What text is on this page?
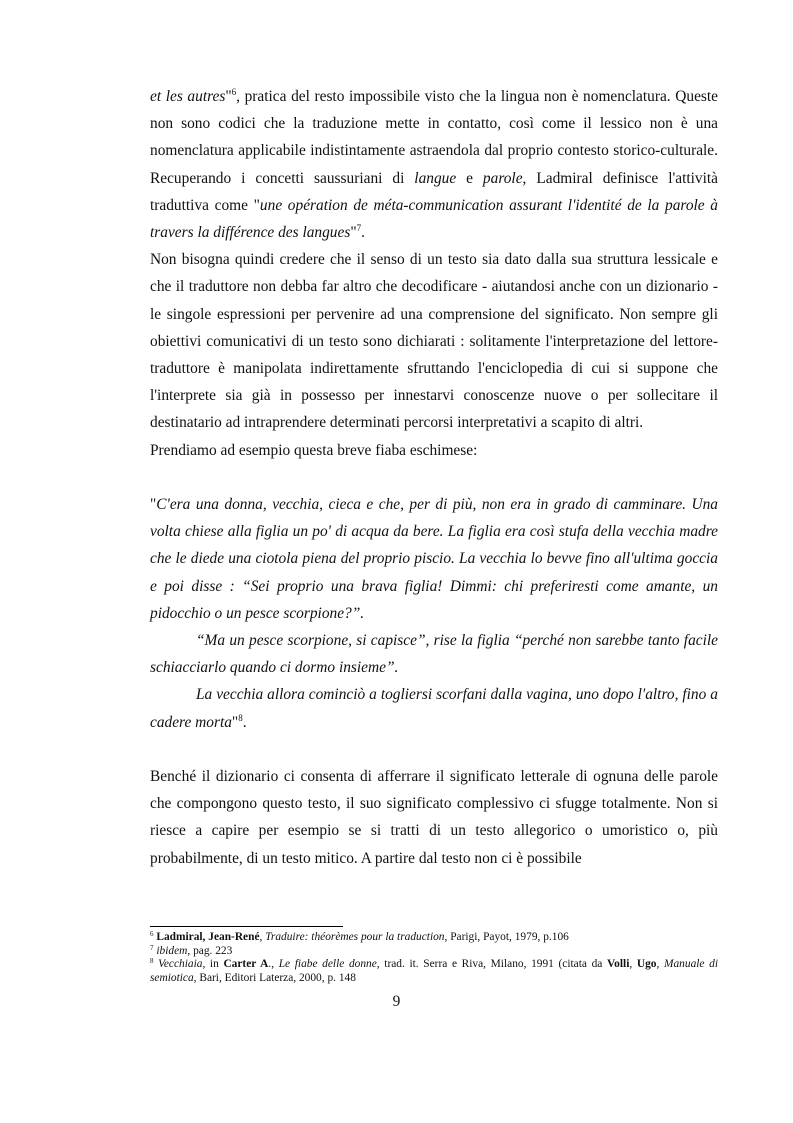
et les autres"$^6$, pratica del resto impossibile visto che la lingua non è nomenclatura. Queste non sono codici che la traduzione mette in contatto, così come il lessico non è una nomenclatura applicabile indistintamente astraendola dal proprio contesto storico-culturale. Recuperando i concetti saussuriani di langue e parole, Ladmiral definisce l'attività traduttiva come "une opération de méta-communication assurant l'identité de la parole à travers la différence des langues"$^7$.

Non bisogna quindi credere che il senso di un testo sia dato dalla sua struttura lessicale e che il traduttore non debba far altro che decodificare - aiutandosi anche con un dizionario - le singole espressioni per pervenire ad una comprensione del significato. Non sempre gli obiettivi comunicativi di un testo sono dichiarati : solitamente l'interpretazione del lettore-traduttore è manipolata indirettamente sfruttando l'enciclopedia di cui si suppone che l'interprete sia già in possesso per innestarvi conoscenze nuove o per sollecitare il destinatario ad intraprendere determinati percorsi interpretativi a scapito di altri.

Prendiamo ad esempio questa breve fiaba eschimese:

"C'era una donna, vecchia, cieca e che, per di più, non era in grado di camminare. Una volta chiese alla figlia un po' di acqua da bere. La figlia era così stufa della vecchia madre che le diede una ciotola piena del proprio piscio. La vecchia lo bevve fino all'ultima goccia e poi disse : “Sei proprio una brava figlia! Dimmi: chi preferiresti come amante, un pidocchio o un pesce scorpione?”.

“Ma un pesce scorpione, si capisce”, rise la figlia “perché non sarebbe tanto facile schiacciarlo quando ci dormo insieme”.

La vecchia allora cominciò a togliersi scorfani dalla vagina, uno dopo l'altro, fino a cadere morta"$^8$.

Benché il dizionario ci consenta di afferrare il significato letterale di ognuna delle parole che compongono questo testo, il suo significato complessivo ci sfugge totalmente. Non si riesce a capire per esempio se si tratti di un testo allegorico o umoristico o, più probabilmente, di un testo mitico. A partire dal testo non ci è possibile

$^6$ Ladmiral, Jean-René, Traduire: théorèmes pour la traduction, Parigi, Payot, 1979, p.106

$^7$ ibidem, pag. 223

$^8$ Vecchiaia, in Carter A., Le fiabe delle donne, trad. it. Serra e Riva, Milano, 1991 (citata da Volli, Ugo, Manuale di semiotica, Bari, Editori Laterza, 2000, p. 148

9
